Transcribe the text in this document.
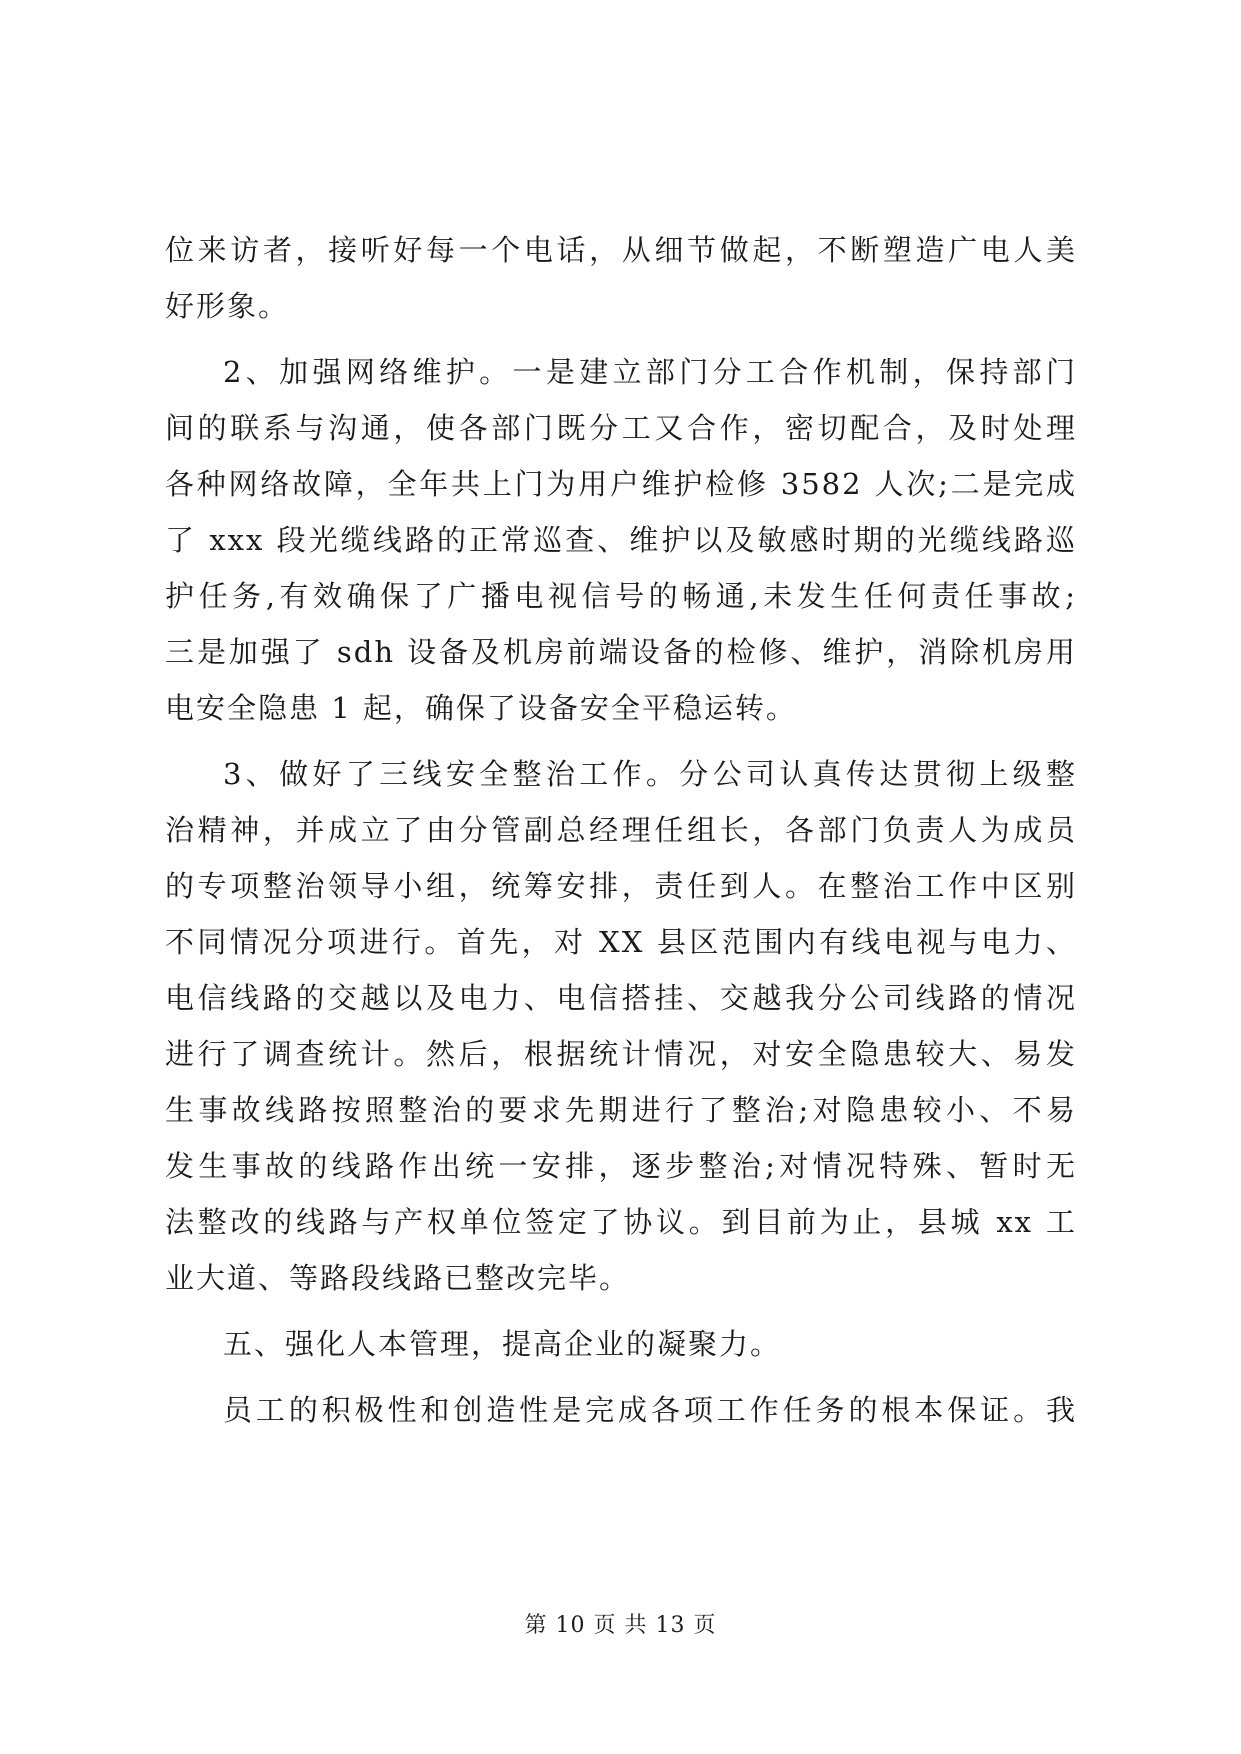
位来访者，接听好每一个电话，从细节做起，不断塑造广电人美
好形象。
2、加强网络维护。一是建立部门分工合作机制，保持部门
间的联系与沟通，使各部门既分工又合作，密切配合，及时处理
各种网络故障，全年共上门为用户维护检修 3582 人次;二是完成
了 xxx 段光缆线路的正常巡查、维护以及敏感时期的光缆线路巡
护任务,有效确保了广播电视信号的畅通,未发生任何责任事故;
三是加强了 sdh 设备及机房前端设备的检修、维护，消除机房用
电安全隐患 1 起，确保了设备安全平稳运转。
3、做好了三线安全整治工作。分公司认真传达贯彻上级整
治精神，并成立了由分管副总经理任组长，各部门负责人为成员
的专项整治领导小组，统筹安排，责任到人。在整治工作中区别
不同情况分项进行。首先，对 XX 县区范围内有线电视与电力、
电信线路的交越以及电力、电信搭挂、交越我分公司线路的情况
进行了调查统计。然后，根据统计情况，对安全隐患较大、易发
生事故线路按照整治的要求先期进行了整治;对隐患较小、不易
发生事故的线路作出统一安排，逐步整治;对情况特殊、暂时无
法整改的线路与产权单位签定了协议。到目前为止，县城 xx 工
业大道、等路段线路已整改完毕。
五、强化人本管理，提高企业的凝聚力。
员工的积极性和创造性是完成各项工作任务的根本保证。我
第 10 页 共 13 页
